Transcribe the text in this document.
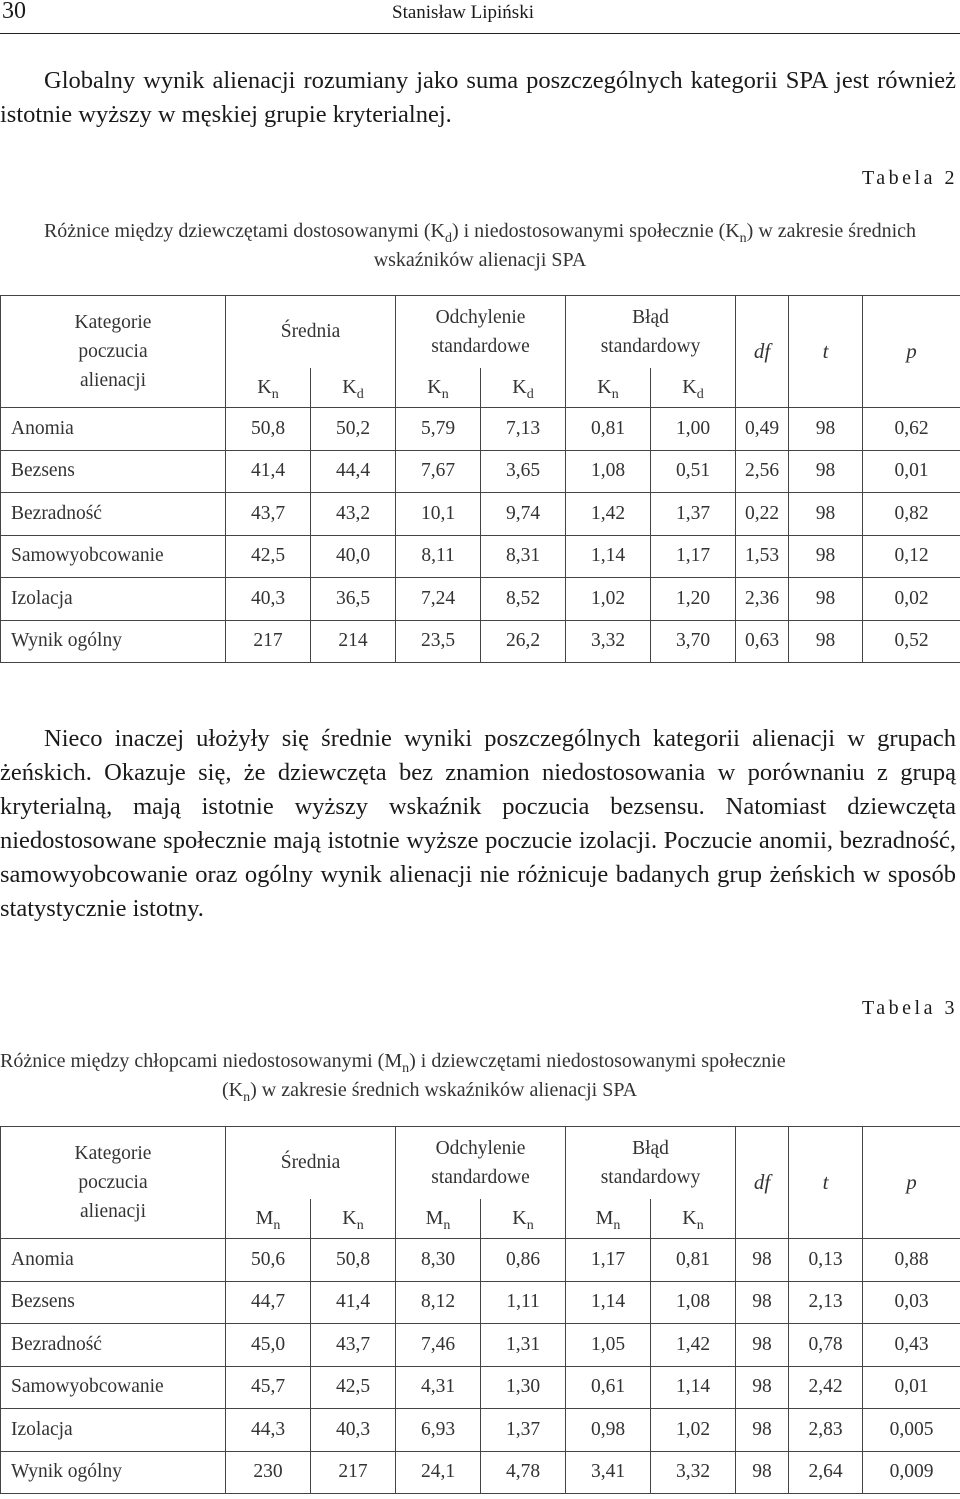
30	Stanisław Lipiński

Globalny wynik alienacji rozumiany jako suma poszczególnych kategorii SPA jest również istotnie wyższy w męskiej grupie kryterialnej.

Tabela 2
Różnice między dziewczętami dostosowanymi $(K_d)$ i niedostosowanymi społecznie $(K_n)$ w zakresie średnich wskaźników alienacji SPA
Kategorie poczucia alienacji	Średnia		Odchylenie standardowe		Błąd standardowy		df	t	p
	$K_n$	$K_d$	$K_n$	$K_d$	$K_n$	$K_d$
Anomia	50,8	50,2	5,79	7,13	0,81	1,00	0,49	98	0,62
Bezsens	41,4	44,4	7,67	3,65	1,08	0,51	2,56	98	0,01
Bezradność	43,7	43,2	10,1	9,74	1,42	1,37	0,22	98	0,82
Samowyobcowanie	42,5	40,0	8,11	8,31	1,14	1,17	1,53	98	0,12
Izolacja	40,3	36,5	7,24	8,52	1,02	1,20	2,36	98	0,02
Wynik ogólny	217	214	23,5	26,2	3,32	3,70	0,63	98	0,52

Nieco inaczej ułożyły się średnie wyniki poszczególnych kategorii alienacji w grupach żeńskich. Okazuje się, że dziewczęta bez znamion niedostosowania w porównaniu z grupą kryterialną, mają istotnie wyższy wskaźnik poczucia bezsensu. Natomiast dziewczęta niedostosowane społecznie mają istotnie wyższe poczucie izolacji. Poczucie anomii, bezradność, samowyobcowanie oraz ogólny wynik alienacji nie różnicuje badanych grup żeńskich w sposób statystycznie istotny.

Tabela 3
Różnice między chłopcami niedostosowanymi $(M_n)$ i dziewczętami niedostosowanymi społecznie
$(K_n)$ w zakresie średnich wskaźników alienacji SPA
Kategorie poczucia alienacji	Średnia		Odchylenie standardowe		Błąd standardowy		df	t	p
	$M_n$	$K_n$	$M_n$	$K_n$	$M_n$	$K_n$
Anomia	50,6	50,8	8,30	0,86	1,17	0,81	98	0,13	0,88
Bezsens	44,7	41,4	8,12	1,11	1,14	1,08	98	2,13	0,03
Bezradność	45,0	43,7	7,46	1,31	1,05	1,42	98	0,78	0,43
Samowyobcowanie	45,7	42,5	4,31	1,30	0,61	1,14	98	2,42	0,01
Izolacja	44,3	40,3	6,93	1,37	0,98	1,02	98	2,83	0,005
Wynik ogólny	230	217	24,1	4,78	3,41	3,32	98	2,64	0,009
